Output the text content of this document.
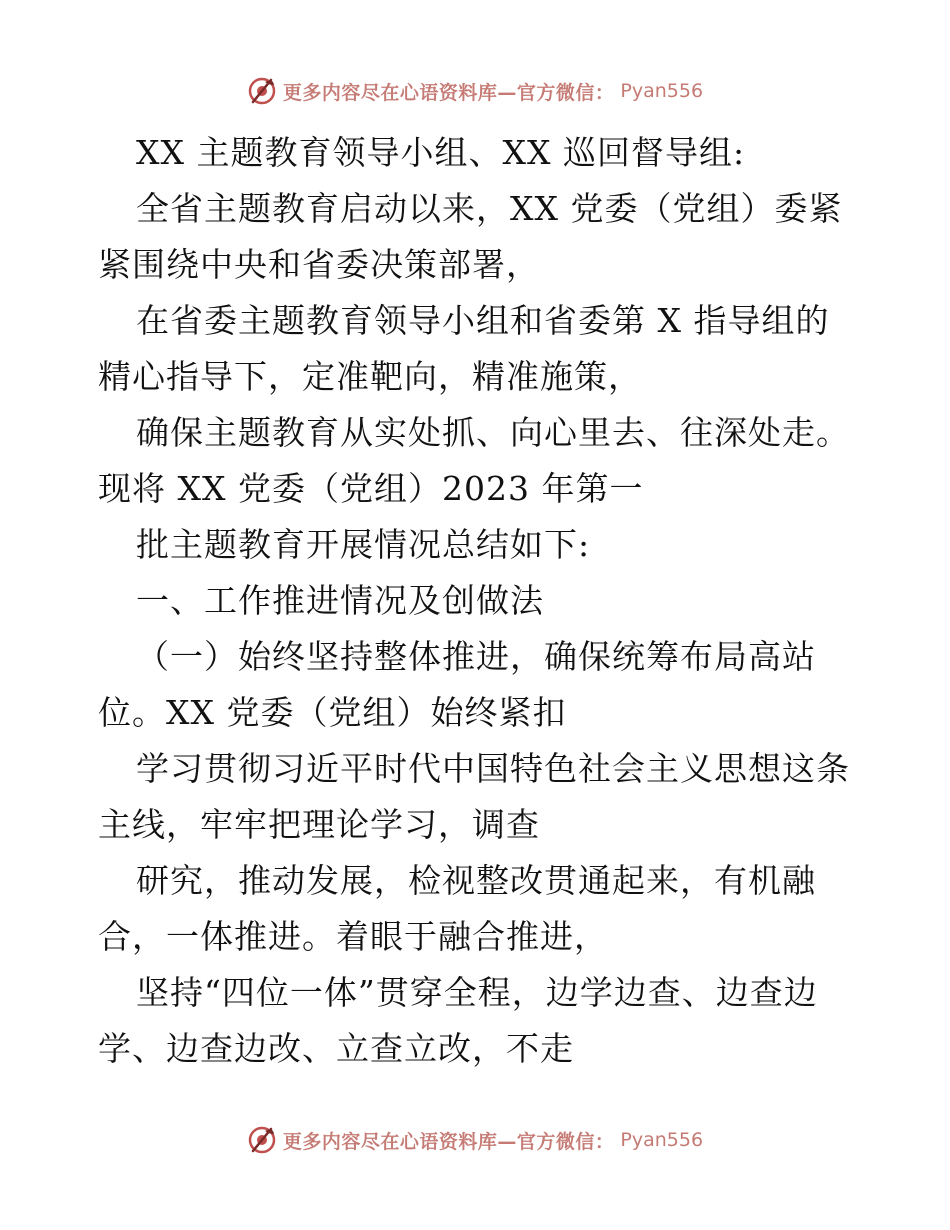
更多内容尽在心语资料库—官方微信： Pyan556
XX 主题教育领导小组、XX 巡回督导组:
全省主题教育启动以来，XX 党委（党组）委紧
紧围绕中央和省委决策部署，
在省委主题教育领导小组和省委第 X 指导组的
精心指导下，定准靶向，精准施策，
确保主题教育从实处抓、向心里去、往深处走。
现将 XX 党委（党组）2023 年第一
批主题教育开展情况总结如下:
一、工作推进情况及创做法
（一）始终坚持整体推进，确保统筹布局高站
位。XX 党委（党组）始终紧扣
学习贯彻习近平时代中国特色社会主义思想这条
主线，牢牢把理论学习，调查
研究，推动发展，检视整改贯通起来，有机融
合，一体推进。着眼于融合推进，
坚持“四位一体”贯穿全程，边学边查、边查边
学、边查边改、立查立改，不走
更多内容尽在心语资料库—官方微信： Pyan556
